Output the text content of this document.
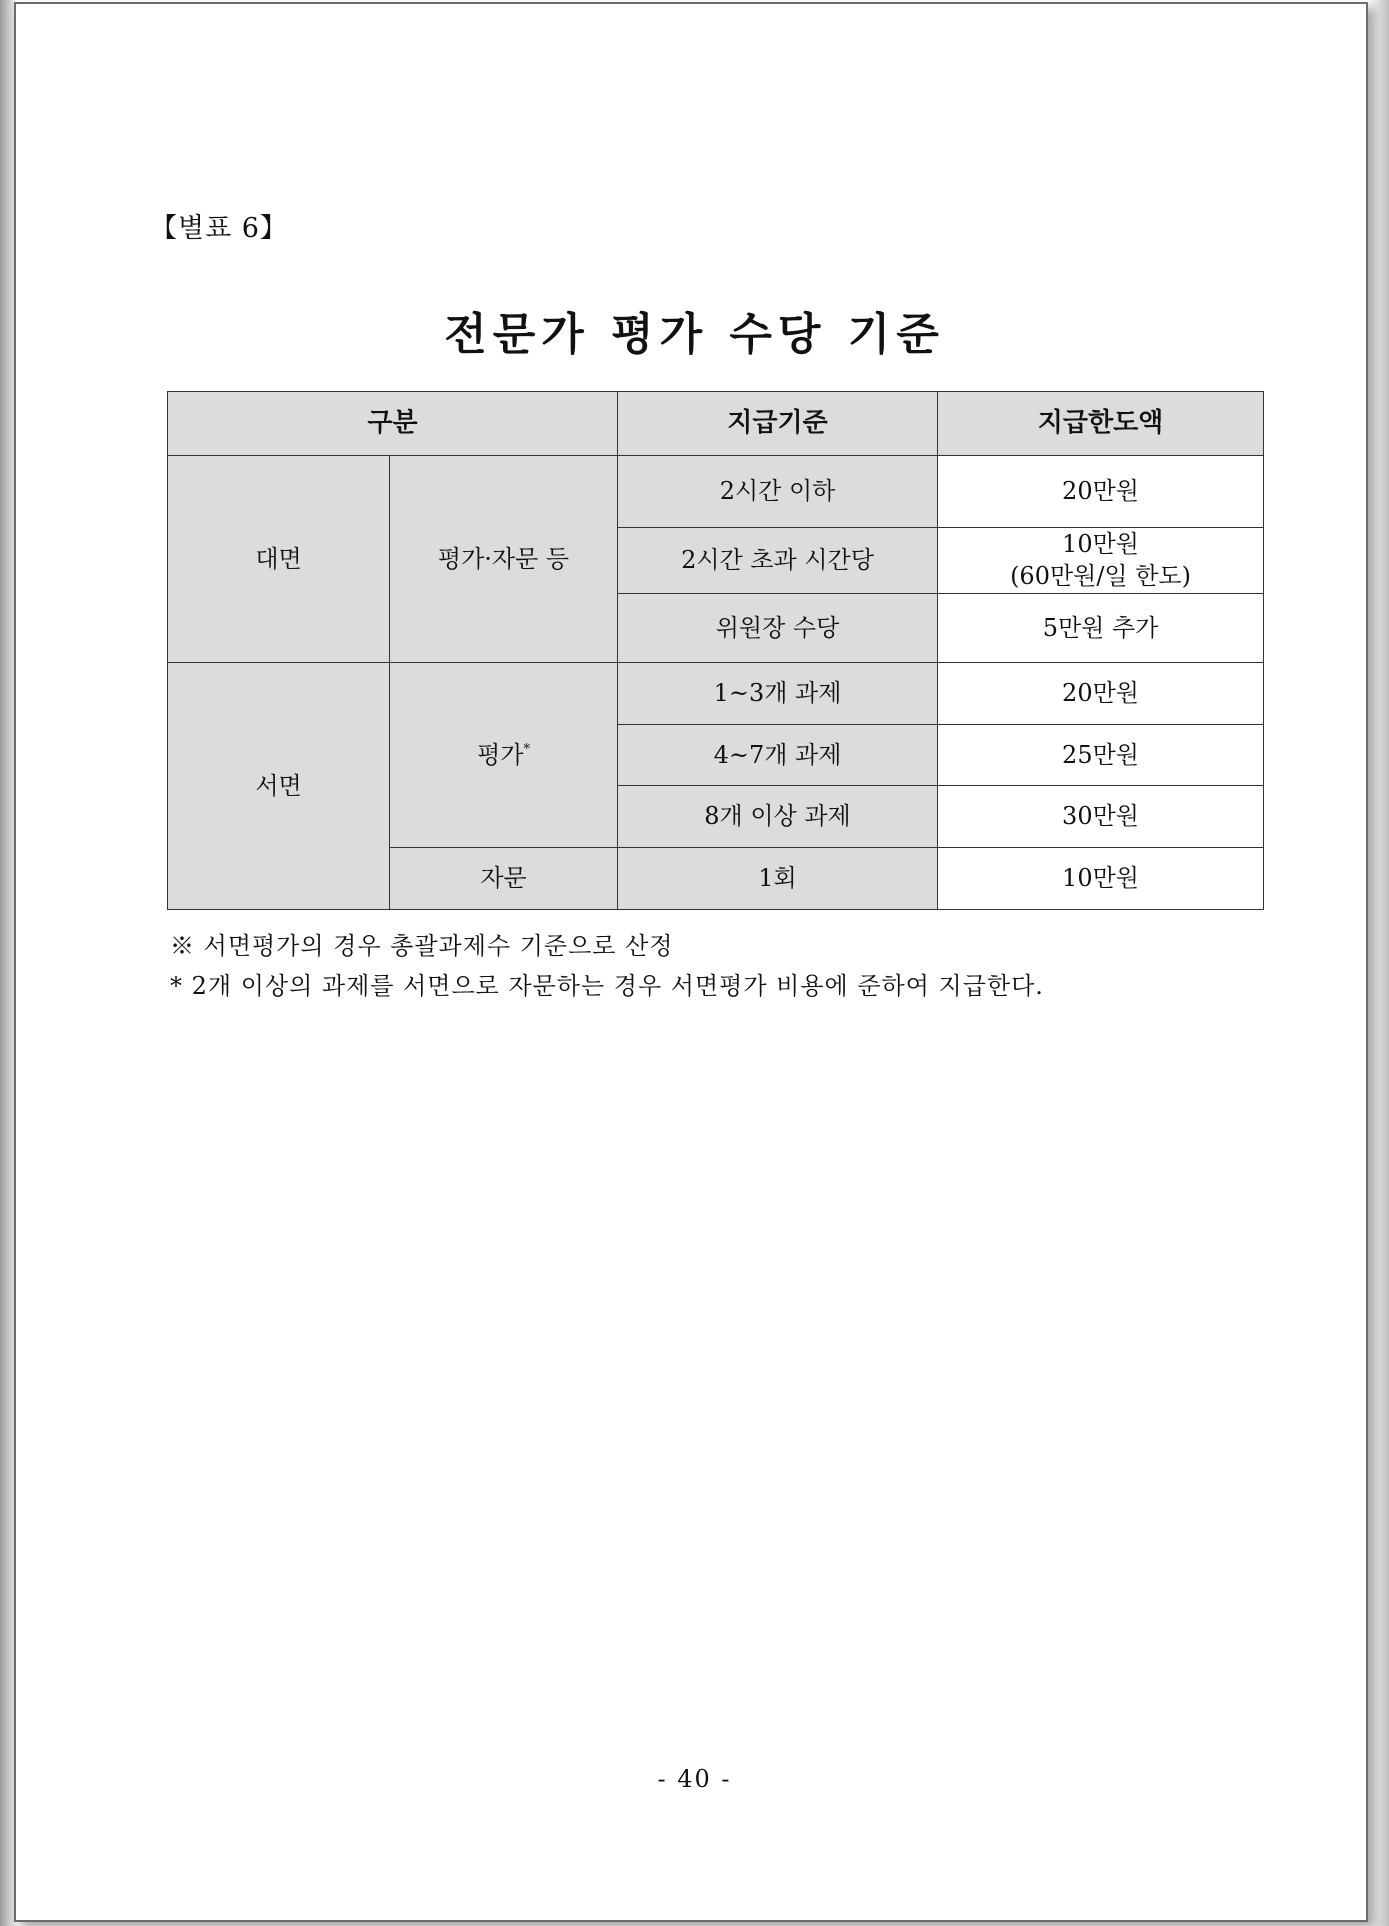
【별표 6】
전문가 평가 수당 기준
구분		지급기준	지급한도액
대면	평가·자문 등	2시간 이하	20만원
		2시간 초과 시간당	10만원
(60만원/일 한도)

		위원장 수당	5만원 추가
서면	평가*	1~3개 과제	20만원
		4~7개 과제	25만원
		8개 이상 과제	30만원
	자문	1회	10만원
※ 서면평가의 경우 총괄과제수 기준으로 산정
* 2개 이상의 과제를 서면으로 자문하는 경우 서면평가 비용에 준하여 지급한다.
- 40 -
